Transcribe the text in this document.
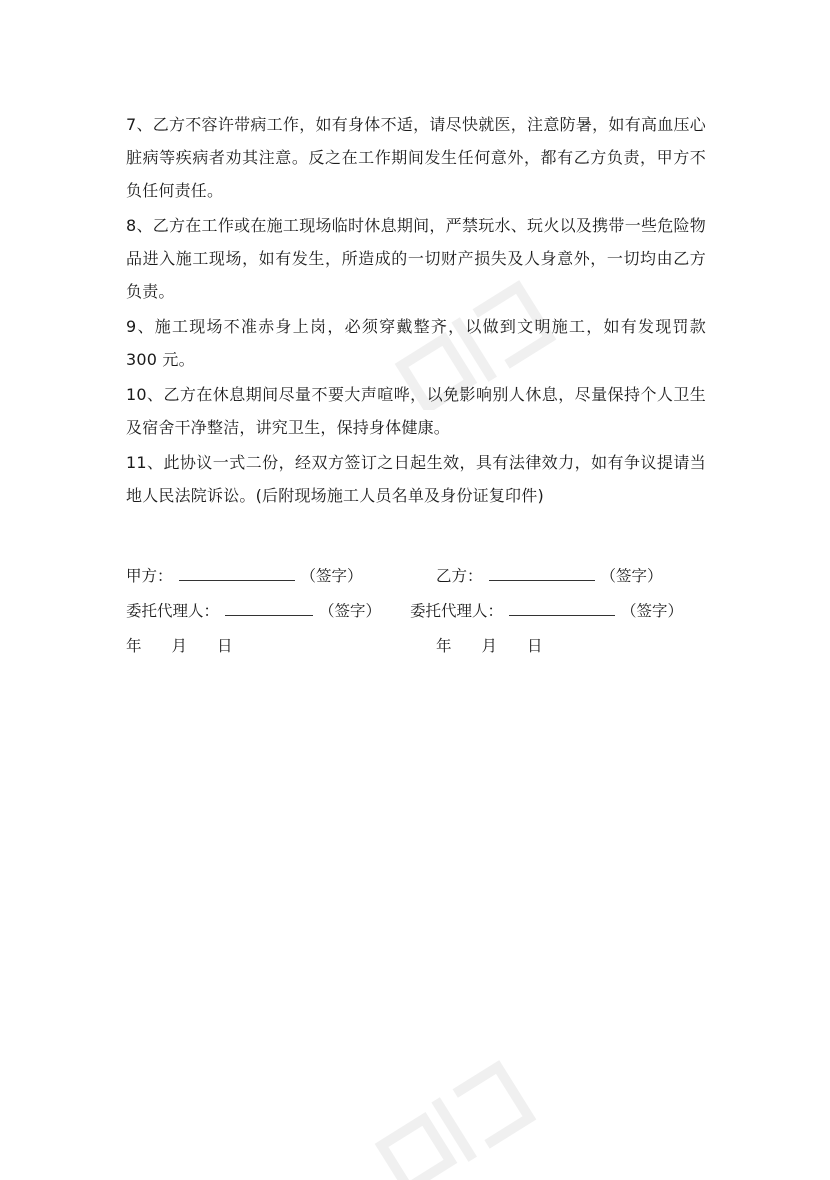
7、乙方不容许带病工作，如有身体不适，请尽快就医，注意防暑，如有高血压心脏病等疾病者劝其注意。反之在工作期间发生任何意外，都有乙方负责，甲方不负任何责任。

8、乙方在工作或在施工现场临时休息期间，严禁玩水、玩火以及携带一些危险物品进入施工现场，如有发生，所造成的一切财产损失及人身意外，一切均由乙方负责。

9、施工现场不准赤身上岗，必须穿戴整齐，以做到文明施工，如有发现罚款 300 元。

10、乙方在休息期间尽量不要大声喧哗，以免影响别人休息，尽量保持个人卫生及宿舍干净整洁，讲究卫生，保持身体健康。

11、此协议一式二份，经双方签订之日起生效，具有法律效力，如有争议提请当地人民法院诉讼。(后附现场施工人员名单及身份证复印件)

甲方：	（签字）	乙方：	（签字）
委托代理人：	（签字） 委托代理人：	（签字）
年 月 日	年 月 日
